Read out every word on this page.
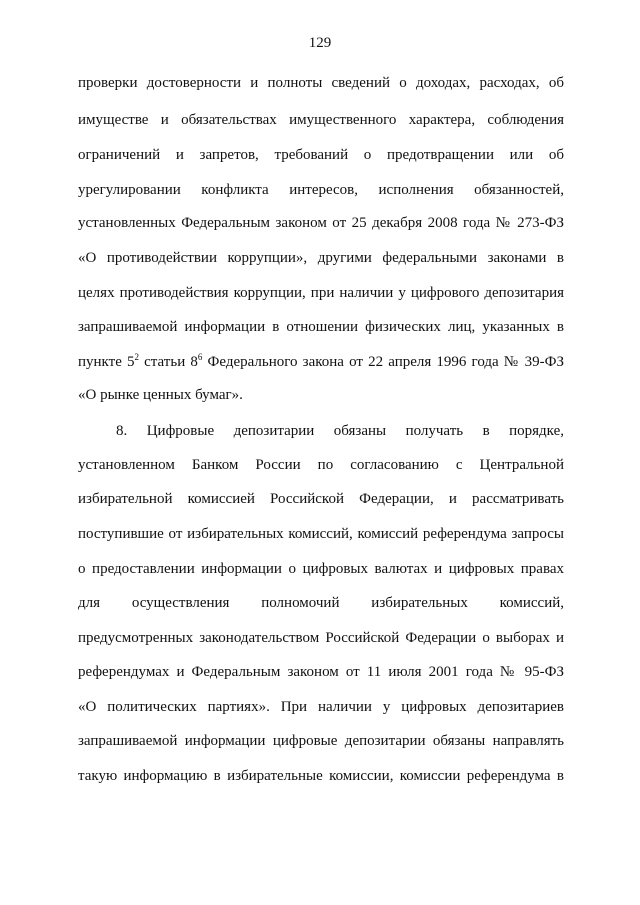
129
проверки достоверности и полноты сведений о доходах, расходах, об
имуществе и обязательствах имущественного характера, соблюдения
ограничений и запретов, требований о предотвращении или об
урегулировании конфликта интересов, исполнения обязанностей,
установленных Федеральным законом от 25 декабря 2008 года № 273-ФЗ
«О противодействии коррупции», другими федеральными законами в
целях противодействия коррупции, при наличии у цифрового депозитария
запрашиваемой информации в отношении физических лиц, указанных в
пункте $5^2$ статьи $8^6$ Федерального закона от 22 апреля 1996 года № 39-ФЗ
«О рынке ценных бумаг».
8. Цифровые депозитарии обязаны получать в порядке,
установленном Банком России по согласованию с Центральной
избирательной комиссией Российской Федерации, и рассматривать
поступившие от избирательных комиссий, комиссий референдума запросы
о предоставлении информации о цифровых валютах и цифровых правах
для осуществления полномочий избирательных комиссий,
предусмотренных законодательством Российской Федерации о выборах и
референдумах и Федеральным законом от 11 июля 2001 года № 95-ФЗ
«О политических партиях». При наличии у цифровых депозитариев
запрашиваемой информации цифровые депозитарии обязаны направлять
такую информацию в избирательные комиссии, комиссии референдума в
